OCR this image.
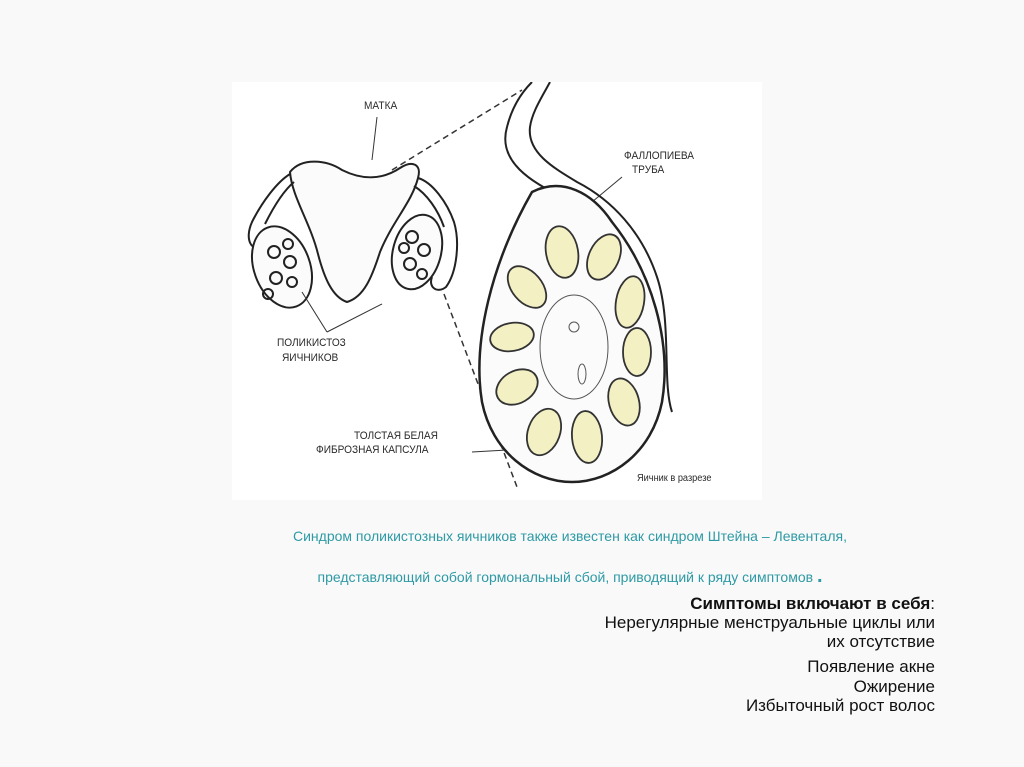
МАТКА
ФАЛЛОПИЕВА
ТРУБА
ПОЛИКИСТОЗ
ЯИЧНИКОВ
ТОЛСТАЯ БЕЛАЯ
ФИБРОЗНАЯ КАПСУЛА
Яичник в разрезе
Синдром поликистозных яичников также известен как синдром Штейна – Левенталя,
представляющий собой гормональный сбой, приводящий к ряду симптомов .
Симптомы включают в себя:
Нерегулярные менструальные циклы или
их отсутствие
Появление акне
Ожирение
Избыточный рост волос
